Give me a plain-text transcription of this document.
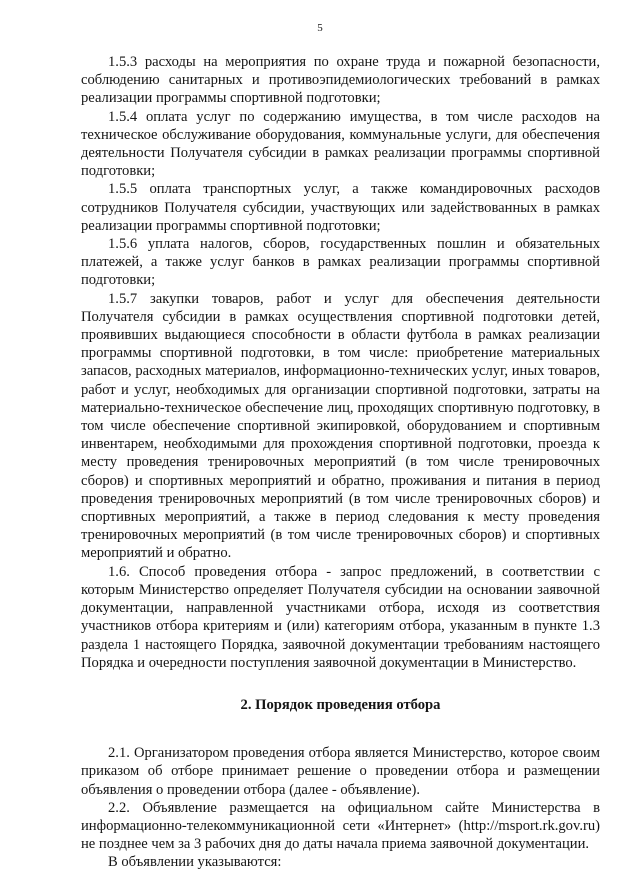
5

1.5.3 расходы на мероприятия по охране труда и пожарной безопасности, соблюдению санитарных и противоэпидемиологических требований в рамках реализации программы спортивной подготовки;

1.5.4 оплата услуг по содержанию имущества, в том числе расходов на техническое обслуживание оборудования, коммунальные услуги, для обеспечения деятельности Получателя субсидии в рамках реализации программы спортивной подготовки;

1.5.5 оплата транспортных услуг, а также командировочных расходов сотрудников Получателя субсидии, участвующих или задействованных в рамках реализации программы спортивной подготовки;

1.5.6 уплата налогов, сборов, государственных пошлин и обязательных платежей, а также услуг банков в рамках реализации программы спортивной подготовки;

1.5.7 закупки товаров, работ и услуг для обеспечения деятельности Получателя субсидии в рамках осуществления спортивной подготовки детей, проявивших выдающиеся способности в области футбола в рамках реализации программы спортивной подготовки, в том числе: приобретение материальных запасов, расходных материалов, информационно-технических услуг, иных товаров, работ и услуг, необходимых для организации спортивной подготовки, затраты на материально-техническое обеспечение лиц, проходящих спортивную подготовку, в том числе обеспечение спортивной экипировкой, оборудованием и спортивным инвентарем, необходимыми для прохождения спортивной подготовки, проезда к месту проведения тренировочных мероприятий (в том числе тренировочных сборов) и спортивных мероприятий и обратно, проживания и питания в период проведения тренировочных мероприятий (в том числе тренировочных сборов) и спортивных мероприятий, а также в период следования к месту проведения тренировочных мероприятий (в том числе тренировочных сборов) и спортивных мероприятий и обратно.

1.6. Способ проведения отбора - запрос предложений, в соответствии с которым Министерство определяет Получателя субсидии на основании заявочной документации, направленной участниками отбора, исходя из соответствия участников отбора критериям и (или) категориям отбора, указанным в пункте 1.3 раздела 1 настоящего Порядка, заявочной документации требованиям настоящего Порядка и очередности поступления заявочной документации в Министерство.

2. Порядок проведения отбора

2.1. Организатором проведения отбора является Министерство, которое своим приказом об отборе принимает решение о проведении отбора и размещении объявления о проведении отбора (далее - объявление).

2.2. Объявление размещается на официальном сайте Министерства в информационно-телекоммуникационной сети «Интернет» (http://msport.rk.gov.ru) не позднее чем за 3 рабочих дня до даты начала приема заявочной документации.

В объявлении указываются:
